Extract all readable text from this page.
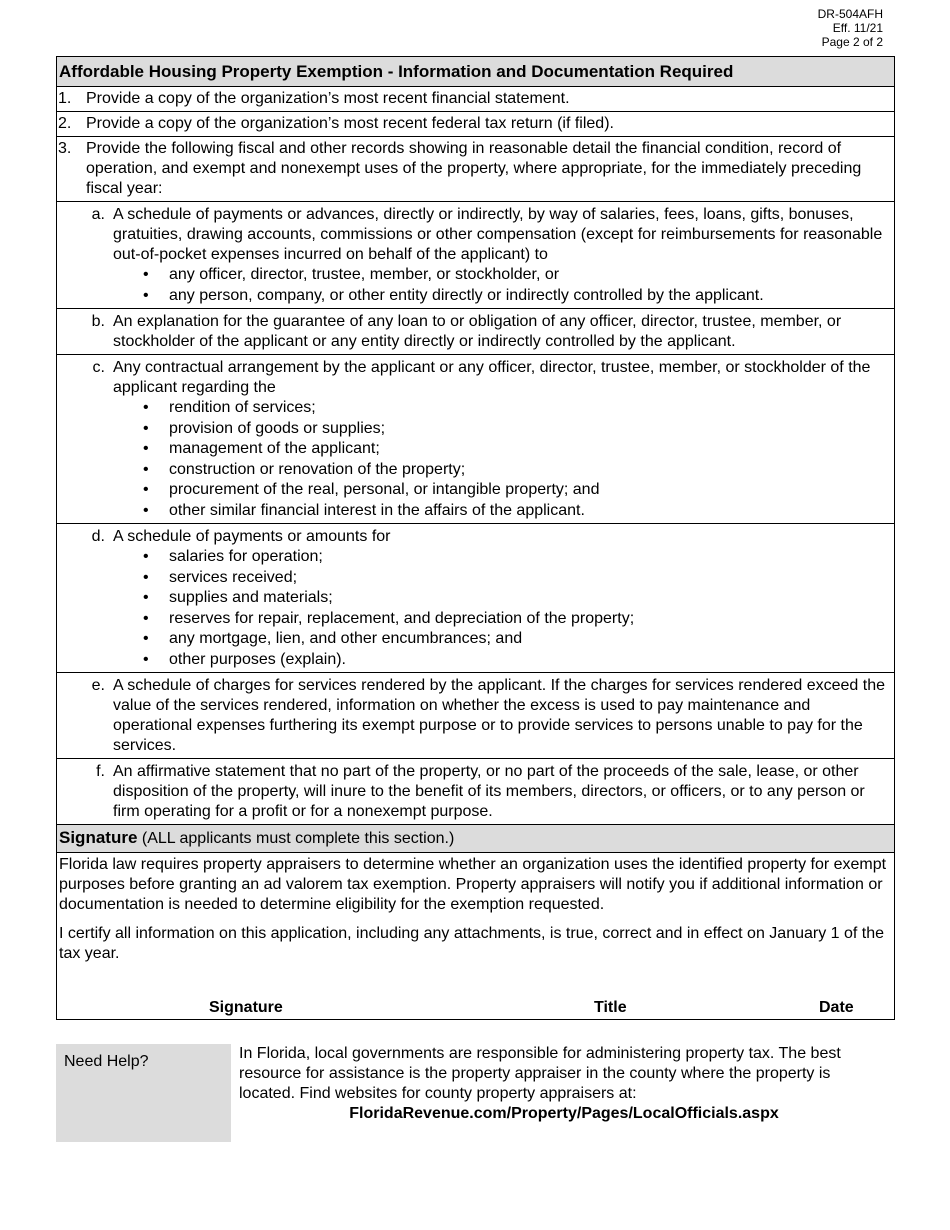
DR-504AFH
Eff. 11/21
Page 2 of 2
Affordable Housing Property Exemption - Information and Documentation Required
1. Provide a copy of the organization’s most recent financial statement.
2. Provide a copy of the organization’s most recent federal tax return (if filed).
3. Provide the following fiscal and other records showing in reasonable detail the financial condition, record of operation, and exempt and nonexempt uses of the property, where appropriate, for the immediately preceding fiscal year:
a. A schedule of payments or advances, directly or indirectly, by way of salaries, fees, loans, gifts, bonuses, gratuities, drawing accounts, commissions or other compensation (except for reimbursements for reasonable out-of-pocket expenses incurred on behalf of the applicant) to
• any officer, director, trustee, member, or stockholder, or
• any person, company, or other entity directly or indirectly controlled by the applicant.
b. An explanation for the guarantee of any loan to or obligation of any officer, director, trustee, member, or stockholder of the applicant or any entity directly or indirectly controlled by the applicant.
c. Any contractual arrangement by the applicant or any officer, director, trustee, member, or stockholder of the applicant regarding the
• rendition of services;
• provision of goods or supplies;
• management of the applicant;
• construction or renovation of the property;
• procurement of the real, personal, or intangible property; and
• other similar financial interest in the affairs of the applicant.
d. A schedule of payments or amounts for
• salaries for operation;
• services received;
• supplies and materials;
• reserves for repair, replacement, and depreciation of the property;
• any mortgage, lien, and other encumbrances; and
• other purposes (explain).
e. A schedule of charges for services rendered by the applicant. If the charges for services rendered exceed the value of the services rendered, information on whether the excess is used to pay maintenance and operational expenses furthering its exempt purpose or to provide services to persons unable to pay for the services.
f. An affirmative statement that no part of the property, or no part of the proceeds of the sale, lease, or other disposition of the property, will inure to the benefit of its members, directors, or officers, or to any person or firm operating for a profit or for a nonexempt purpose.
Signature (ALL applicants must complete this section.)

Florida law requires property appraisers to determine whether an organization uses the identified property for exempt purposes before granting an ad valorem tax exemption. Property appraisers will notify you if additional information or documentation is needed to determine eligibility for the exemption requested.

I certify all information on this application, including any attachments, is true, correct and in effect on January 1 of the tax year.

Signature	Title	Date
Need Help?	In Florida, local governments are responsible for administering property tax. The best resource for assistance is the property appraiser in the county where the property is located. Find websites for county property appraisers at:
FloridaRevenue.com/Property/Pages/LocalOfficials.aspx
